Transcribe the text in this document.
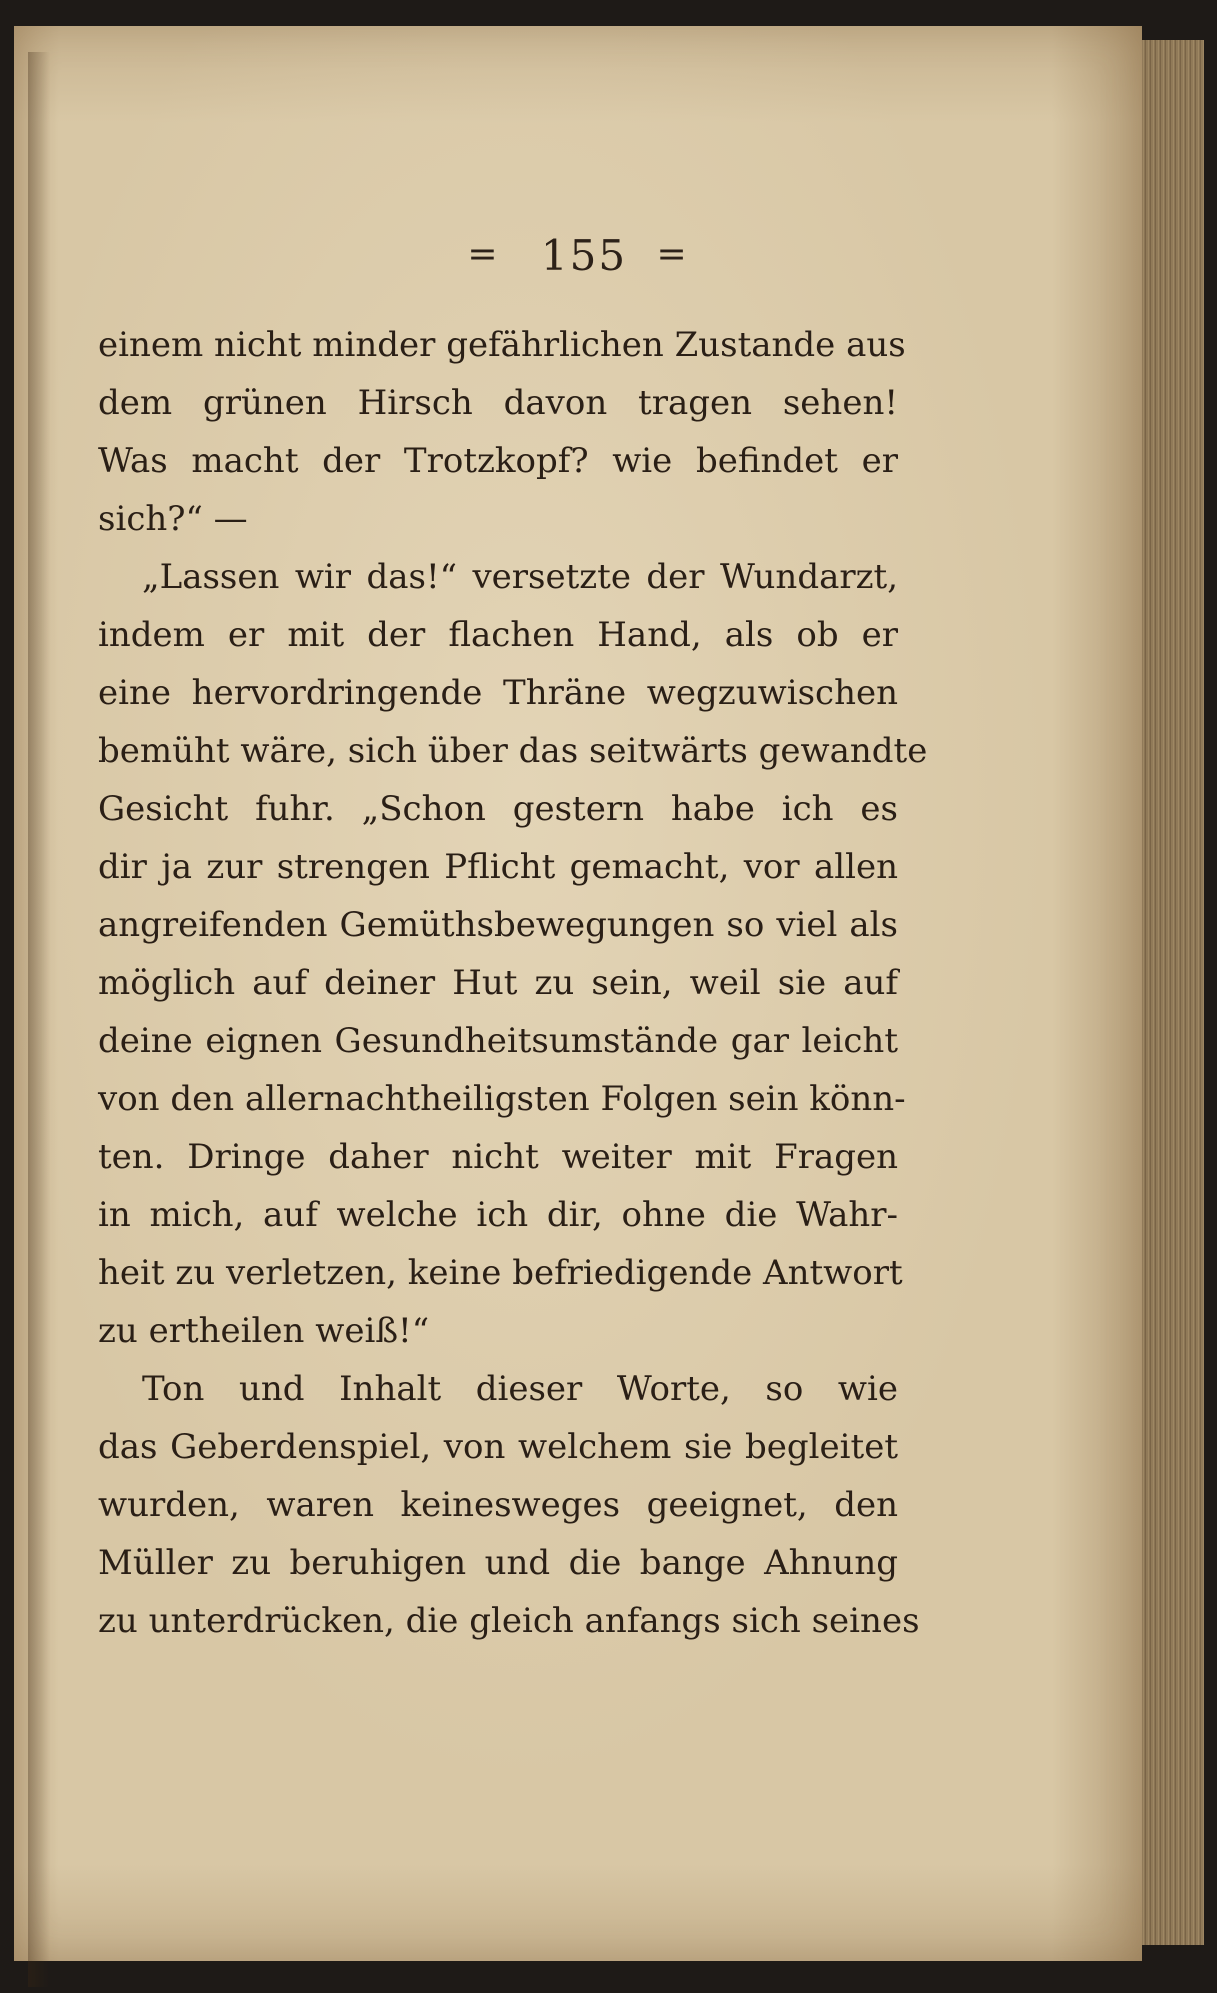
= 155 =
einem nicht minder gefährlichen Zustande aus
dem grünen Hirsch davon tragen sehen!
Was macht der Trotzkopf? wie befindet er
sich?“ —
„Lassen wir das!“ versetzte der Wundarzt,
indem er mit der flachen Hand, als ob er
eine hervordringende Thräne wegzuwischen
bemüht wäre, sich über das seitwärts gewandte
Gesicht fuhr. „Schon gestern habe ich es
dir ja zur strengen Pflicht gemacht, vor allen
angreifenden Gemüthsbewegungen so viel als
möglich auf deiner Hut zu sein, weil sie auf
deine eignen Gesundheitsumstände gar leicht
von den allernachtheiligsten Folgen sein könn-
ten. Dringe daher nicht weiter mit Fragen
in mich, auf welche ich dir, ohne die Wahr-
heit zu verletzen, keine befriedigende Antwort
zu ertheilen weiß!“
Ton und Inhalt dieser Worte, so wie
das Geberdenspiel, von welchem sie begleitet
wurden, waren keinesweges geeignet, den
Müller zu beruhigen und die bange Ahnung
zu unterdrücken, die gleich anfangs sich seines
